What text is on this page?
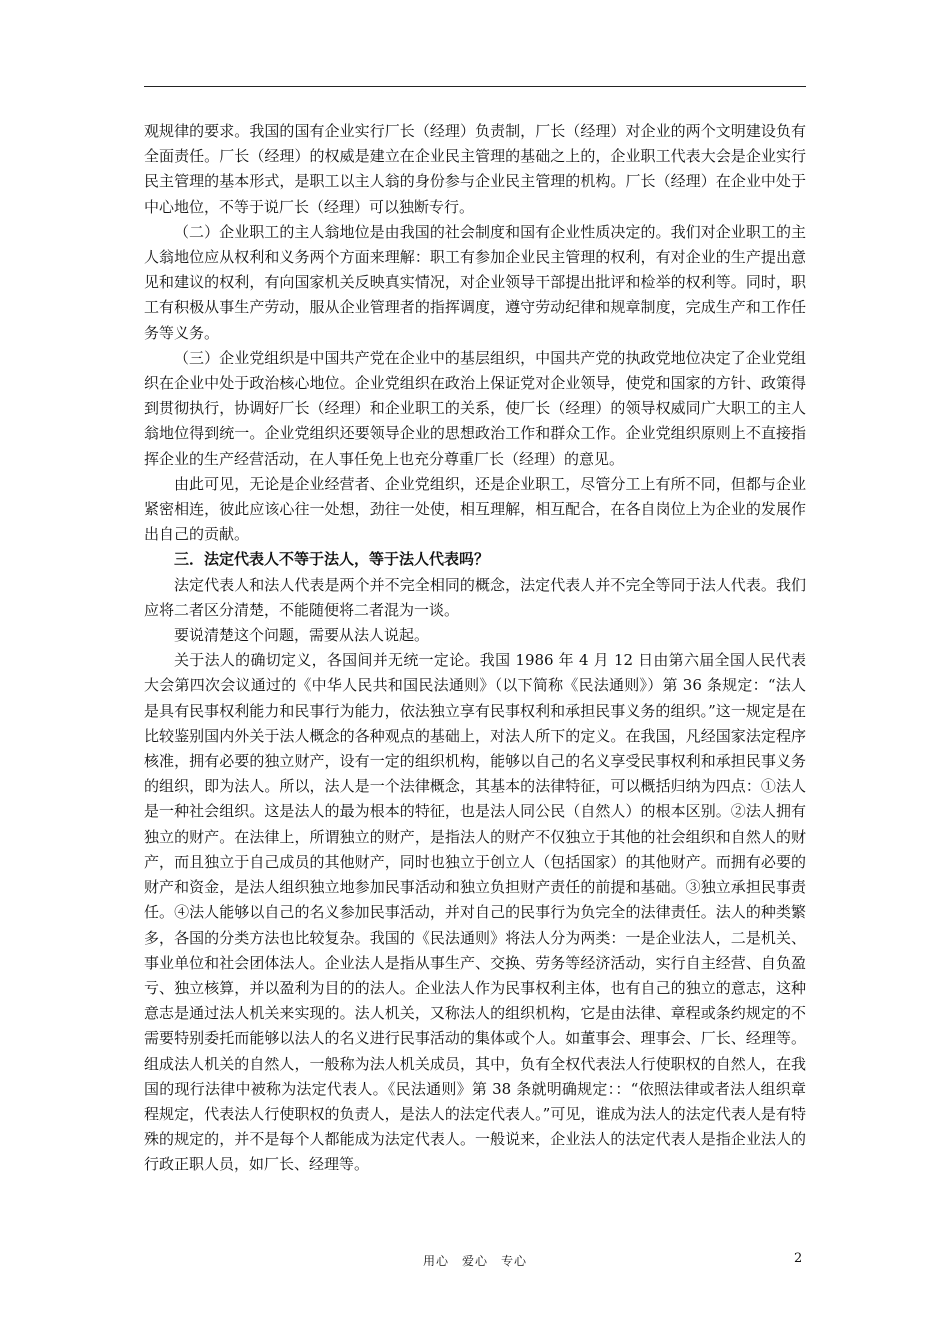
观规律的要求。我国的国有企业实行厂长（经理）负责制，厂长（经理）对企业的两个文明建设负有全面责任。厂长（经理）的权威是建立在企业民主管理的基础之上的，企业职工代表大会是企业实行民主管理的基本形式，是职工以主人翁的身份参与企业民主管理的机构。厂长（经理）在企业中处于中心地位，不等于说厂长（经理）可以独断专行。

（二）企业职工的主人翁地位是由我国的社会制度和国有企业性质决定的。我们对企业职工的主人翁地位应从权利和义务两个方面来理解：职工有参加企业民主管理的权利，有对企业的生产提出意见和建议的权利，有向国家机关反映真实情况，对企业领导干部提出批评和检举的权利等。同时，职工有积极从事生产劳动，服从企业管理者的指挥调度，遵守劳动纪律和规章制度，完成生产和工作任务等义务。

（三）企业党组织是中国共产党在企业中的基层组织，中国共产党的执政党地位决定了企业党组织在企业中处于政治核心地位。企业党组织在政治上保证党对企业领导，使党和国家的方针、政策得到贯彻执行，协调好厂长（经理）和企业职工的关系，使厂长（经理）的领导权威同广大职工的主人翁地位得到统一。企业党组织还要领导企业的思想政治工作和群众工作。企业党组织原则上不直接指挥企业的生产经营活动，在人事任免上也充分尊重厂长（经理）的意见。

由此可见，无论是企业经营者、企业党组织，还是企业职工，尽管分工上有所不同，但都与企业紧密相连，彼此应该心往一处想，劲往一处使，相互理解，相互配合，在各自岗位上为企业的发展作出自己的贡献。

三．法定代表人不等于法人，等于法人代表吗？

法定代表人和法人代表是两个并不完全相同的概念，法定代表人并不完全等同于法人代表。我们应将二者区分清楚，不能随便将二者混为一谈。

要说清楚这个问题，需要从法人说起。

关于法人的确切定义，各国间并无统一定论。我国 1986 年 4 月 12 日由第六届全国人民代表大会第四次会议通过的《中华人民共和国民法通则》（以下简称《民法通则》）第 36 条规定：“法人是具有民事权利能力和民事行为能力，依法独立享有民事权利和承担民事义务的组织。”这一规定是在比较鉴别国内外关于法人概念的各种观点的基础上，对法人所下的定义。在我国，凡经国家法定程序核准，拥有必要的独立财产，设有一定的组织机构，能够以自己的名义享受民事权利和承担民事义务的组织，即为法人。所以，法人是一个法律概念，其基本的法律特征，可以概括归纳为四点：①法人是一种社会组织。这是法人的最为根本的特征，也是法人同公民（自然人）的根本区别。②法人拥有独立的财产。在法律上，所谓独立的财产，是指法人的财产不仅独立于其他的社会组织和自然人的财产，而且独立于自己成员的其他财产，同时也独立于创立人（包括国家）的其他财产。而拥有必要的财产和资金，是法人组织独立地参加民事活动和独立负担财产责任的前提和基础。③独立承担民事责任。④法人能够以自己的名义参加民事活动，并对自己的民事行为负完全的法律责任。法人的种类繁多，各国的分类方法也比较复杂。我国的《民法通则》将法人分为两类：一是企业法人，二是机关、事业单位和社会团体法人。企业法人是指从事生产、交换、劳务等经济活动，实行自主经营、自负盈亏、独立核算，并以盈利为目的的法人。企业法人作为民事权利主体，也有自己的独立的意志，这种意志是通过法人机关来实现的。法人机关，又称法人的组织机构，它是由法律、章程或条约规定的不需要特别委托而能够以法人的名义进行民事活动的集体或个人。如董事会、理事会、厂长、经理等。组成法人机关的自然人，一般称为法人机关成员，其中，负有全权代表法人行使职权的自然人，在我国的现行法律中被称为法定代表人。《民法通则》第 38 条就明确规定：：“依照法律或者法人组织章程规定，代表法人行使职权的负责人，是法人的法定代表人。”可见，谁成为法人的法定代表人是有特殊的规定的，并不是每个人都能成为法定代表人。一般说来，企业法人的法定代表人是指企业法人的行政正职人员，如厂长、经理等。

用心　爱心　专心	2
